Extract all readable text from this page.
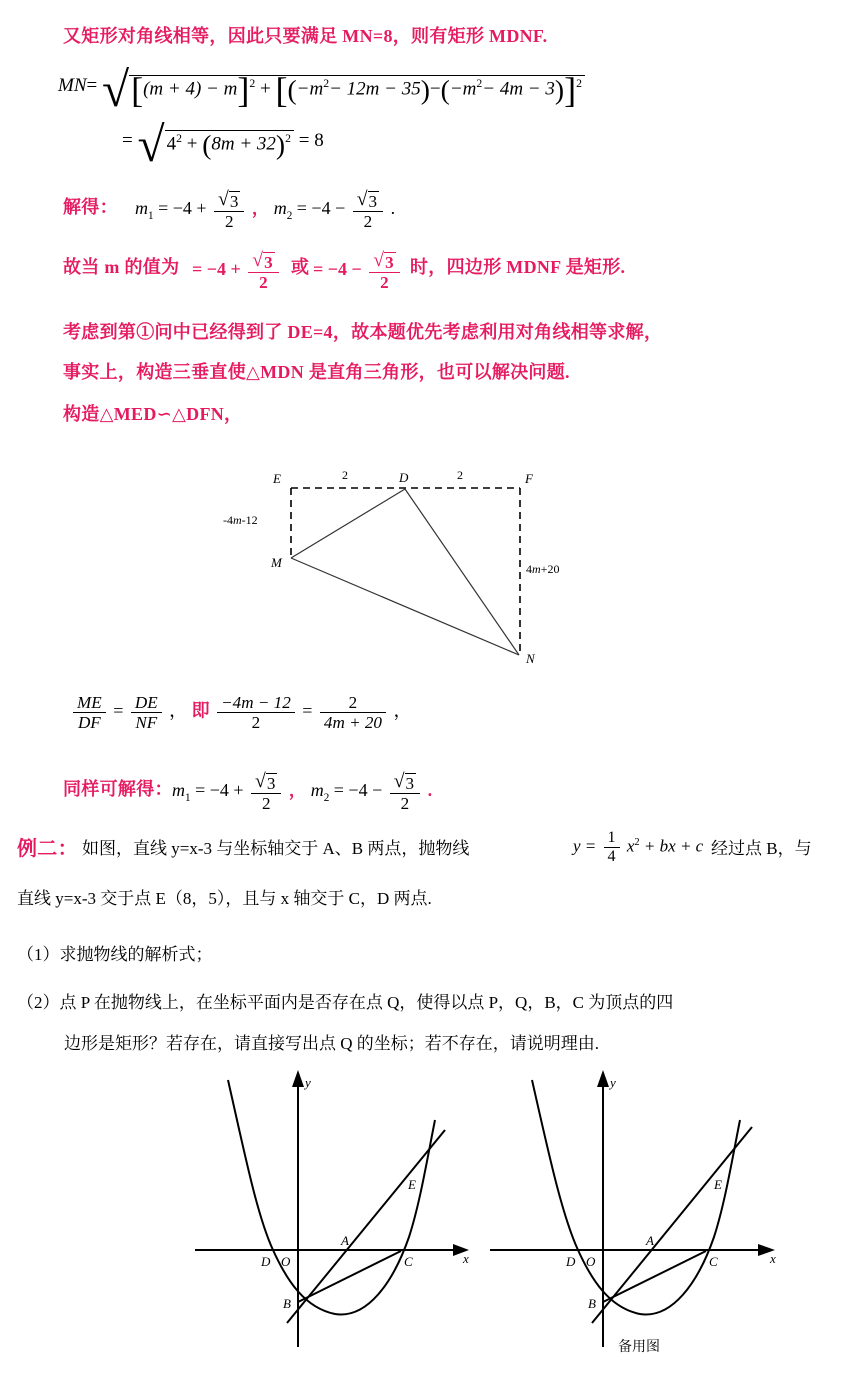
又矩形对角线相等，因此只要满足 MN=8，则有矩形 MDNF.
$MN= √[(m + 4) - m]^2 + [(-m^2- 12m - 35)-(-m^2- 4m - 3)]^2$
= √ $4^2 + (8m + 32)^2 = 8$
解得： $m_1 = -4 + \frac{√3}{2}$ ， $m_2 = -4 - \frac{√3}{2}$ .
故当 m 的值为 = $-4 + \frac{√3}{2}$ 或 = $-4 - \frac{√3}{2}$ 时，四边形 MDNF 是矩形.
考虑到第①问中已经得到了 DE=4，故本题优先考虑利用对角线相等求解，
事实上，构造三垂直使△MDN 是直角三角形，也可以解决问题.
构造△MED∽△DFN，
E	D	F
M
N
2	2
-4m-12
4m+20
$\frac{ME}{DF} = \frac{DE}{NF}$ ， 即 $\frac{-4m - 12}{2} = \frac{2}{4m + 20}$ ，
同样可解得： $m_1 = -4 + \frac{√3}{2}$ ， $m_2 = -4 - \frac{√3}{2}$ .
例二： 如图，直线 y=x-3 与坐标轴交于 A、B 两点，抛物线	$y = \frac{1}{4} x^2$ + bx + c 经过点 B，与
直线 y=x-3 交于点 E（8，5），且与 x 轴交于 C，D 两点.
（1）求抛物线的解析式；
（2）点 P 在抛物线上，在坐标平面内是否存在点 Q，使得以点 P，Q，B，C 为顶点的四
边形是矩形？若存在，请直接写出点 Q 的坐标；若不存在，请说明理由.
x
y
D O
A
C
B
E
x
y
D O
A
C
B
E
备用图
